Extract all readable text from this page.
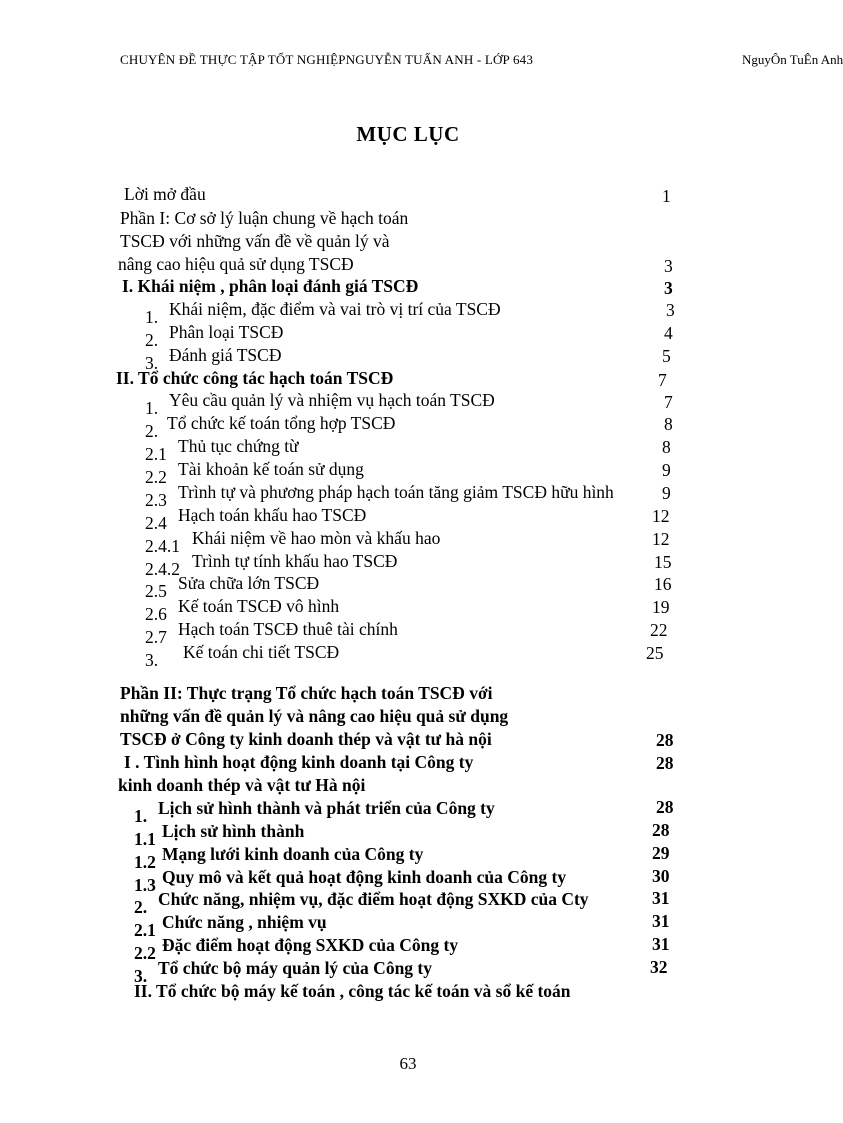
CHUYÊN ĐỀ THỰC TẬP TỐT NGHIỆPNGUYỄN TUẤN ANH - LỚP 643	NguyÔn TuÊn Anh
MỤC LỤC
Lời mở đầu	1
Phần I: Cơ sở lý luận chung về hạch toán
TSCĐ với những vấn đề về quản lý và
nâng cao hiệu quả sử dụng TSCĐ	3
I. Khái niệm , phân loại đánh giá TSCĐ	3
1. Khái niệm, đặc điểm và vai trò vị trí của TSCĐ	3
2. Phân loại TSCĐ	4
3. Đánh giá TSCĐ	5
II. Tổ chức công tác hạch toán TSCĐ	7
1. Yêu cầu quản lý và nhiệm vụ hạch toán TSCĐ	7
2. Tổ chức kế toán tổng hợp TSCĐ	8
2.1 Thủ tục chứng từ	8
2.2 Tài khoản kế toán sử dụng	9
2.3 Trình tự và phương pháp hạch toán tăng giảm TSCĐ hữu hình	9
2.4 Hạch toán khấu hao TSCĐ	12
2.4.1 Khái niệm về hao mòn và khấu hao	12
2.4.2 Trình tự tính khấu hao TSCĐ	15
2.5 Sửa chữa lớn TSCĐ	16
2.6 Kế toán TSCĐ vô hình	19
2.7 Hạch toán TSCĐ thuê tài chính	22
3. Kế toán chi tiết TSCĐ	25
Phần II: Thực trạng Tổ chức hạch toán TSCĐ với
những vấn đề quản lý và nâng cao hiệu quả sử dụng
TSCĐ ở Công ty kinh doanh thép và vật tư hà nội	28
I . Tình hình hoạt động kinh doanh tại Công ty	28
kinh doanh thép và vật tư Hà nội
1. Lịch sử hình thành và phát triển của Công ty	28
1.1 Lịch sử hình thành	28
1.2 Mạng lưới kinh doanh của Công ty	29
1.3 Quy mô và kết quả hoạt động kinh doanh của Công ty	30
2. Chức năng, nhiệm vụ, đặc điểm hoạt động SXKD của Cty	31
2.1 Chức năng , nhiệm vụ	31
2.2 Đặc điểm hoạt động SXKD của Công ty	31
3. Tổ chức bộ máy quản lý của Công ty	32
II. Tổ chức bộ máy kế toán , công tác kế toán và sổ kế toán
63
